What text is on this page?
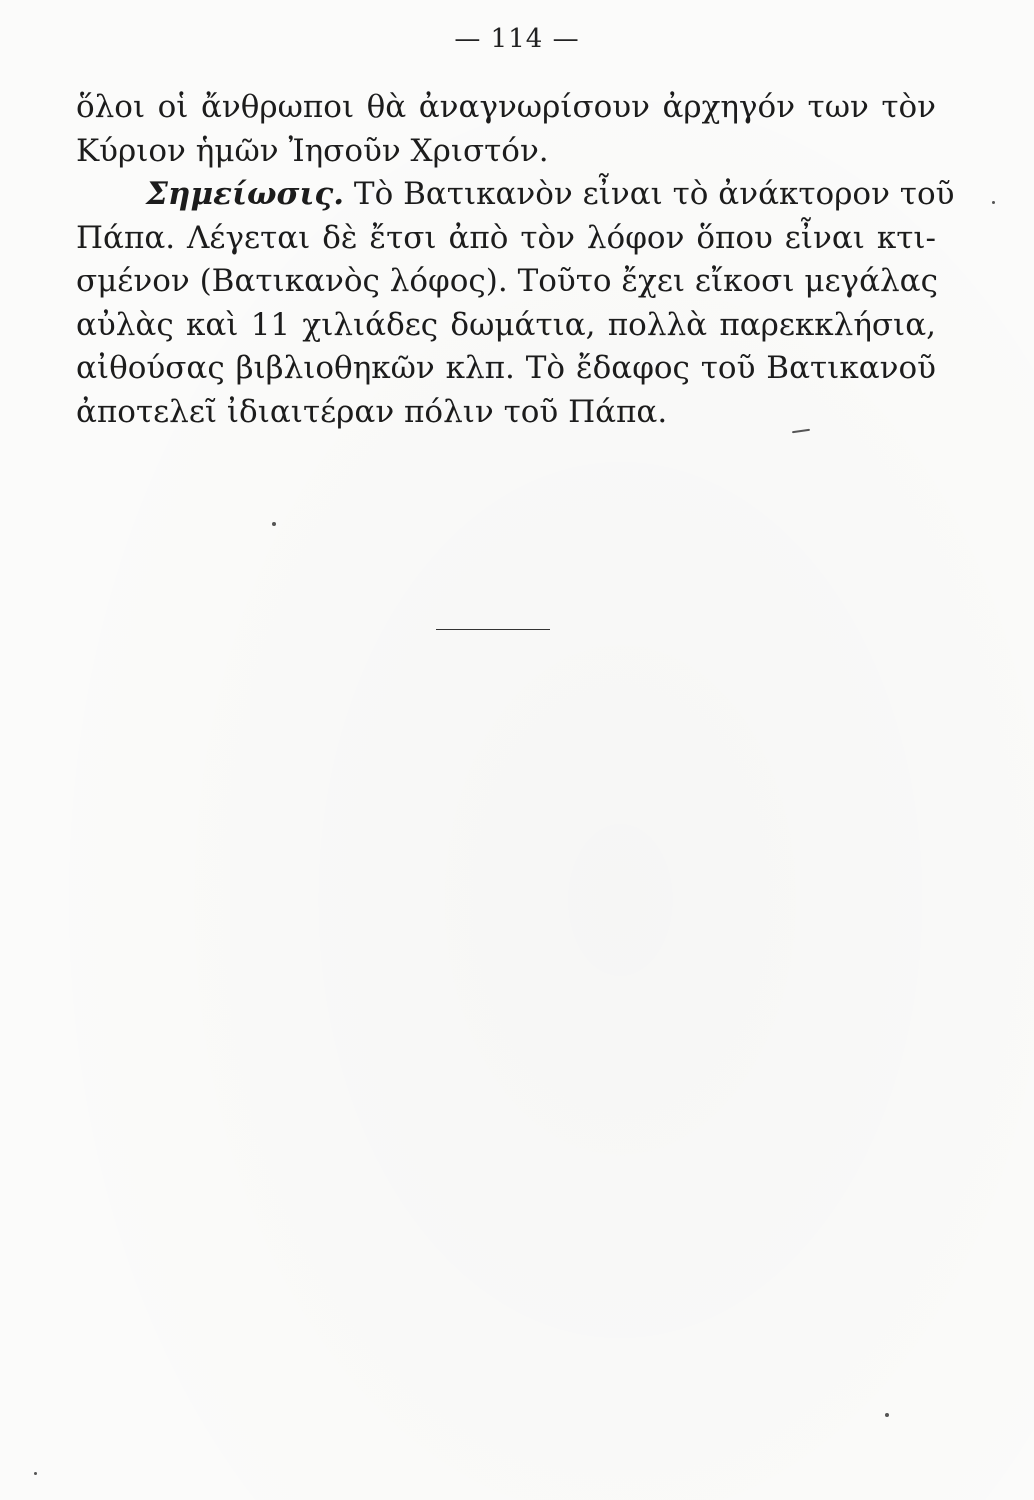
— 114 —
ὅλοι οἱ ἄνθρωποι θὰ ἀναγνωρίσουν ἀρχηγόν των τὸν
Κύριον ἡμῶν Ἰησοῦν Χριστόν.
Σημείωσις. Τὸ Βατικανὸν εἶναι τὸ ἀνάκτορον τοῦ
Πάπα. Λέγεται δὲ ἔτσι ἀπὸ τὸν λόφον ὅπου εἶναι κτι-
σμένον (Βατικανὸς λόφος). Τοῦτο ἔχει εἴκοσι μεγάλας
αὐλὰς καὶ 11 χιλιάδες δωμάτια, πολλὰ παρεκκλήσια,
αἰθούσας βιβλιοθηκῶν κλπ. Τὸ ἔδαφος τοῦ Βατικανοῦ
ἀποτελεῖ ἰδιαιτέραν πόλιν τοῦ Πάπα.
